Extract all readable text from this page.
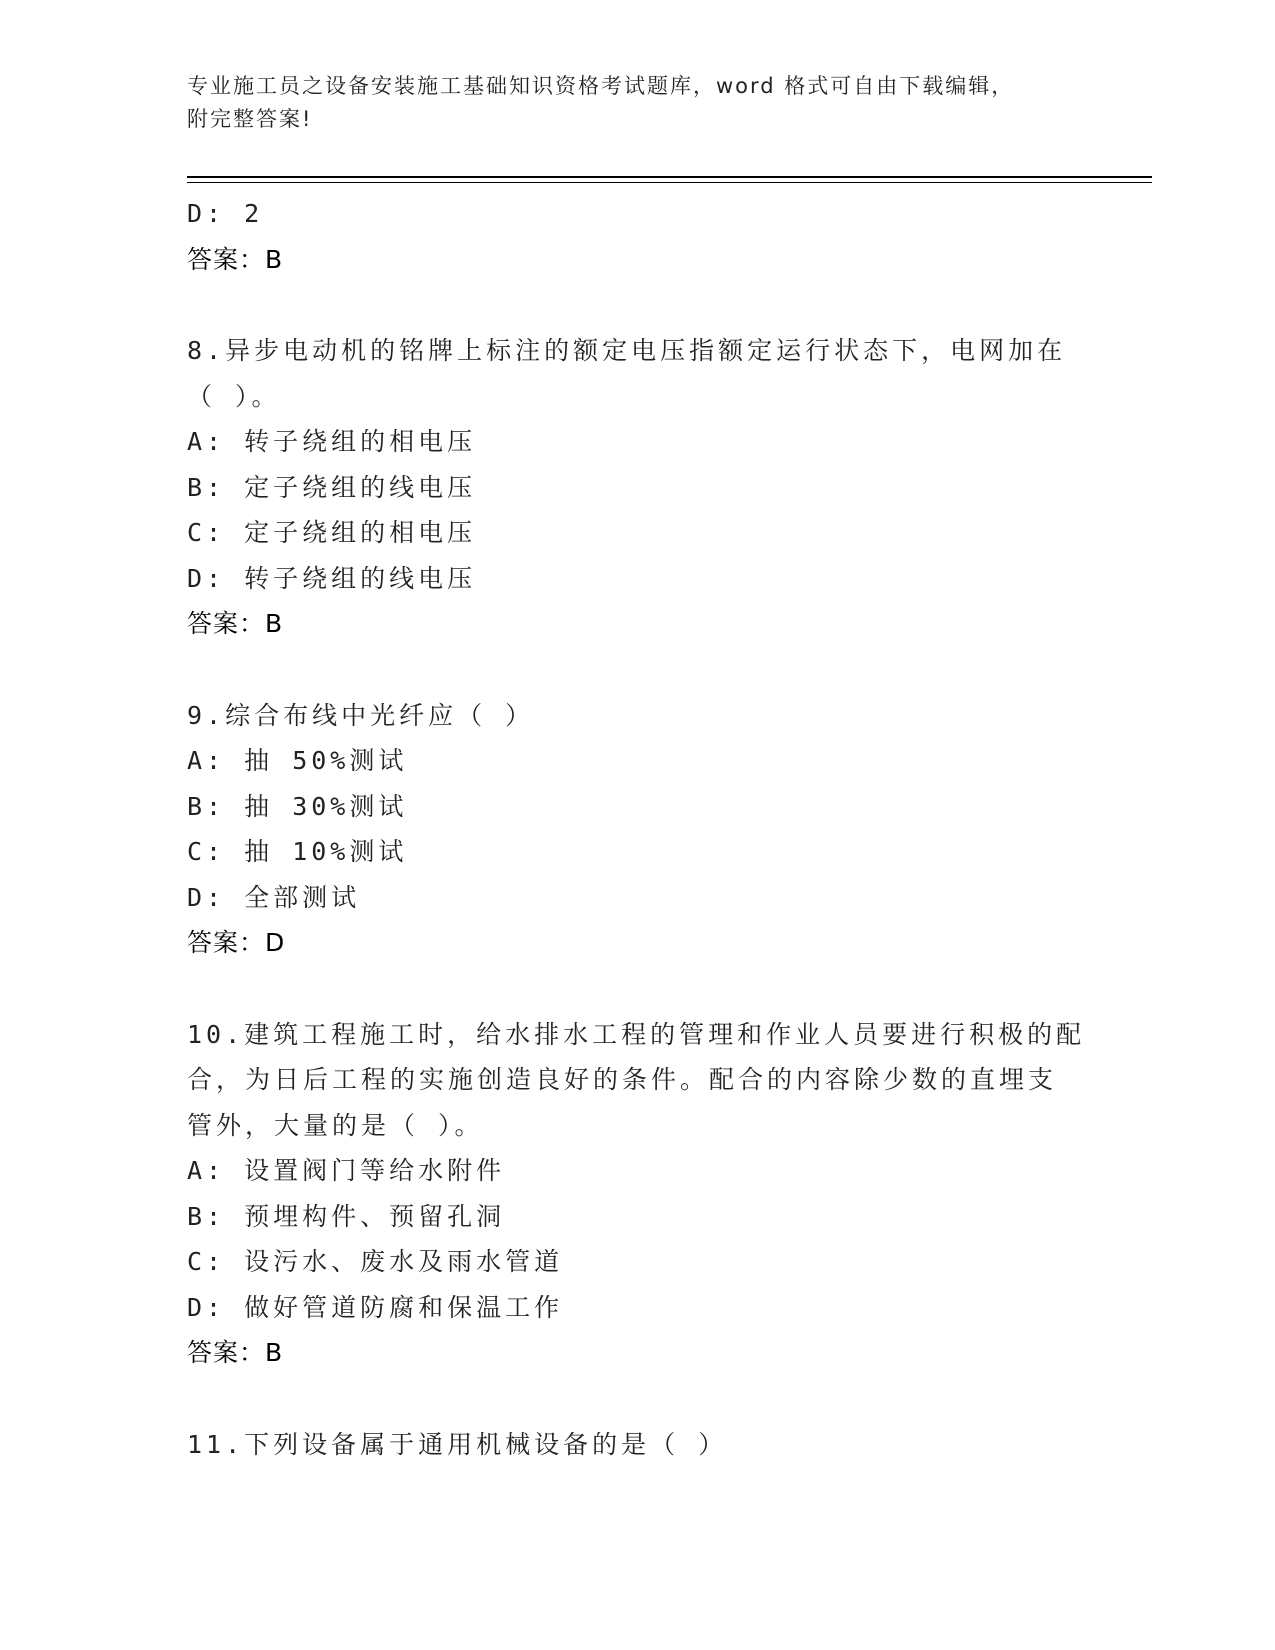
专业施工员之设备安装施工基础知识资格考试题库，word 格式可自由下载编辑，
附完整答案!
D: 2
答案：B
8.异步电动机的铭牌上标注的额定电压指额定运行状态下，电网加在
（ ）。
A: 转子绕组的相电压
B: 定子绕组的线电压
C: 定子绕组的相电压
D: 转子绕组的线电压
答案：B
9.综合布线中光纤应（ ）
A: 抽 50%测试
B: 抽 30%测试
C: 抽 10%测试
D: 全部测试
答案：D
10.建筑工程施工时，给水排水工程的管理和作业人员要进行积极的配
合，为日后工程的实施创造良好的条件。配合的内容除少数的直埋支
管外，大量的是（ ）。
A: 设置阀门等给水附件
B: 预埋构件、预留孔洞
C: 设污水、废水及雨水管道
D: 做好管道防腐和保温工作
答案：B
11.下列设备属于通用机械设备的是（ ）
